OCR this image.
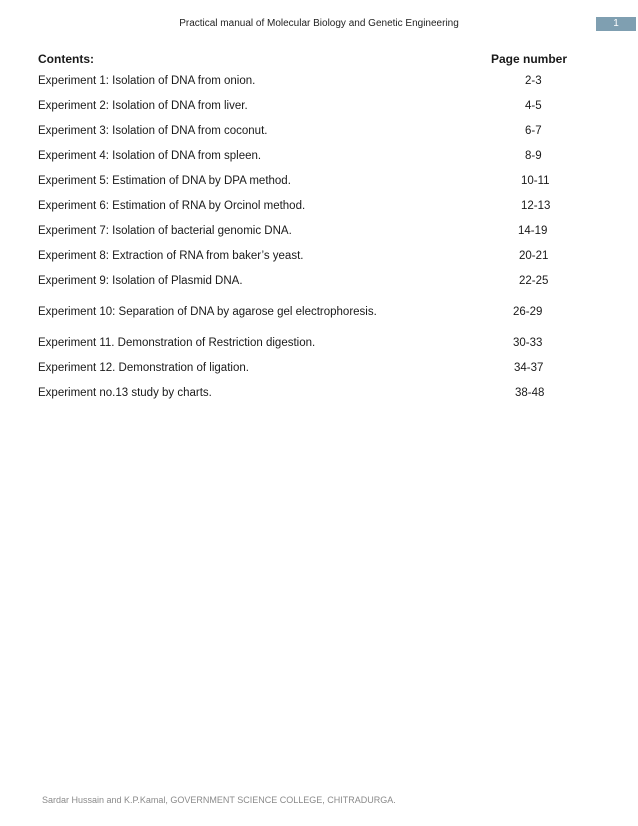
Practical manual of Molecular Biology and Genetic Engineering	1
Contents:	Page number
Experiment 1: Isolation of DNA from onion.	2-3
Experiment 2: Isolation of DNA from liver.	4-5
Experiment 3: Isolation of DNA from coconut.	6-7
Experiment 4: Isolation of DNA from spleen.	8-9
Experiment 5: Estimation of DNA by DPA method.	10-11
Experiment 6: Estimation of RNA by Orcinol method.	12-13
Experiment 7: Isolation of bacterial genomic DNA.	14-19
Experiment 8: Extraction of RNA from baker’s yeast.	20-21
Experiment 9: Isolation of Plasmid DNA.	22-25
Experiment 10: Separation of DNA by agarose gel electrophoresis.	26-29
Experiment 11. Demonstration of Restriction digestion.	30-33
Experiment 12. Demonstration of ligation.	34-37
Experiment no.13 study by charts.	38-48
Sardar Hussain and K.P.Kamal, GOVERNMENT SCIENCE COLLEGE, CHITRADURGA.
